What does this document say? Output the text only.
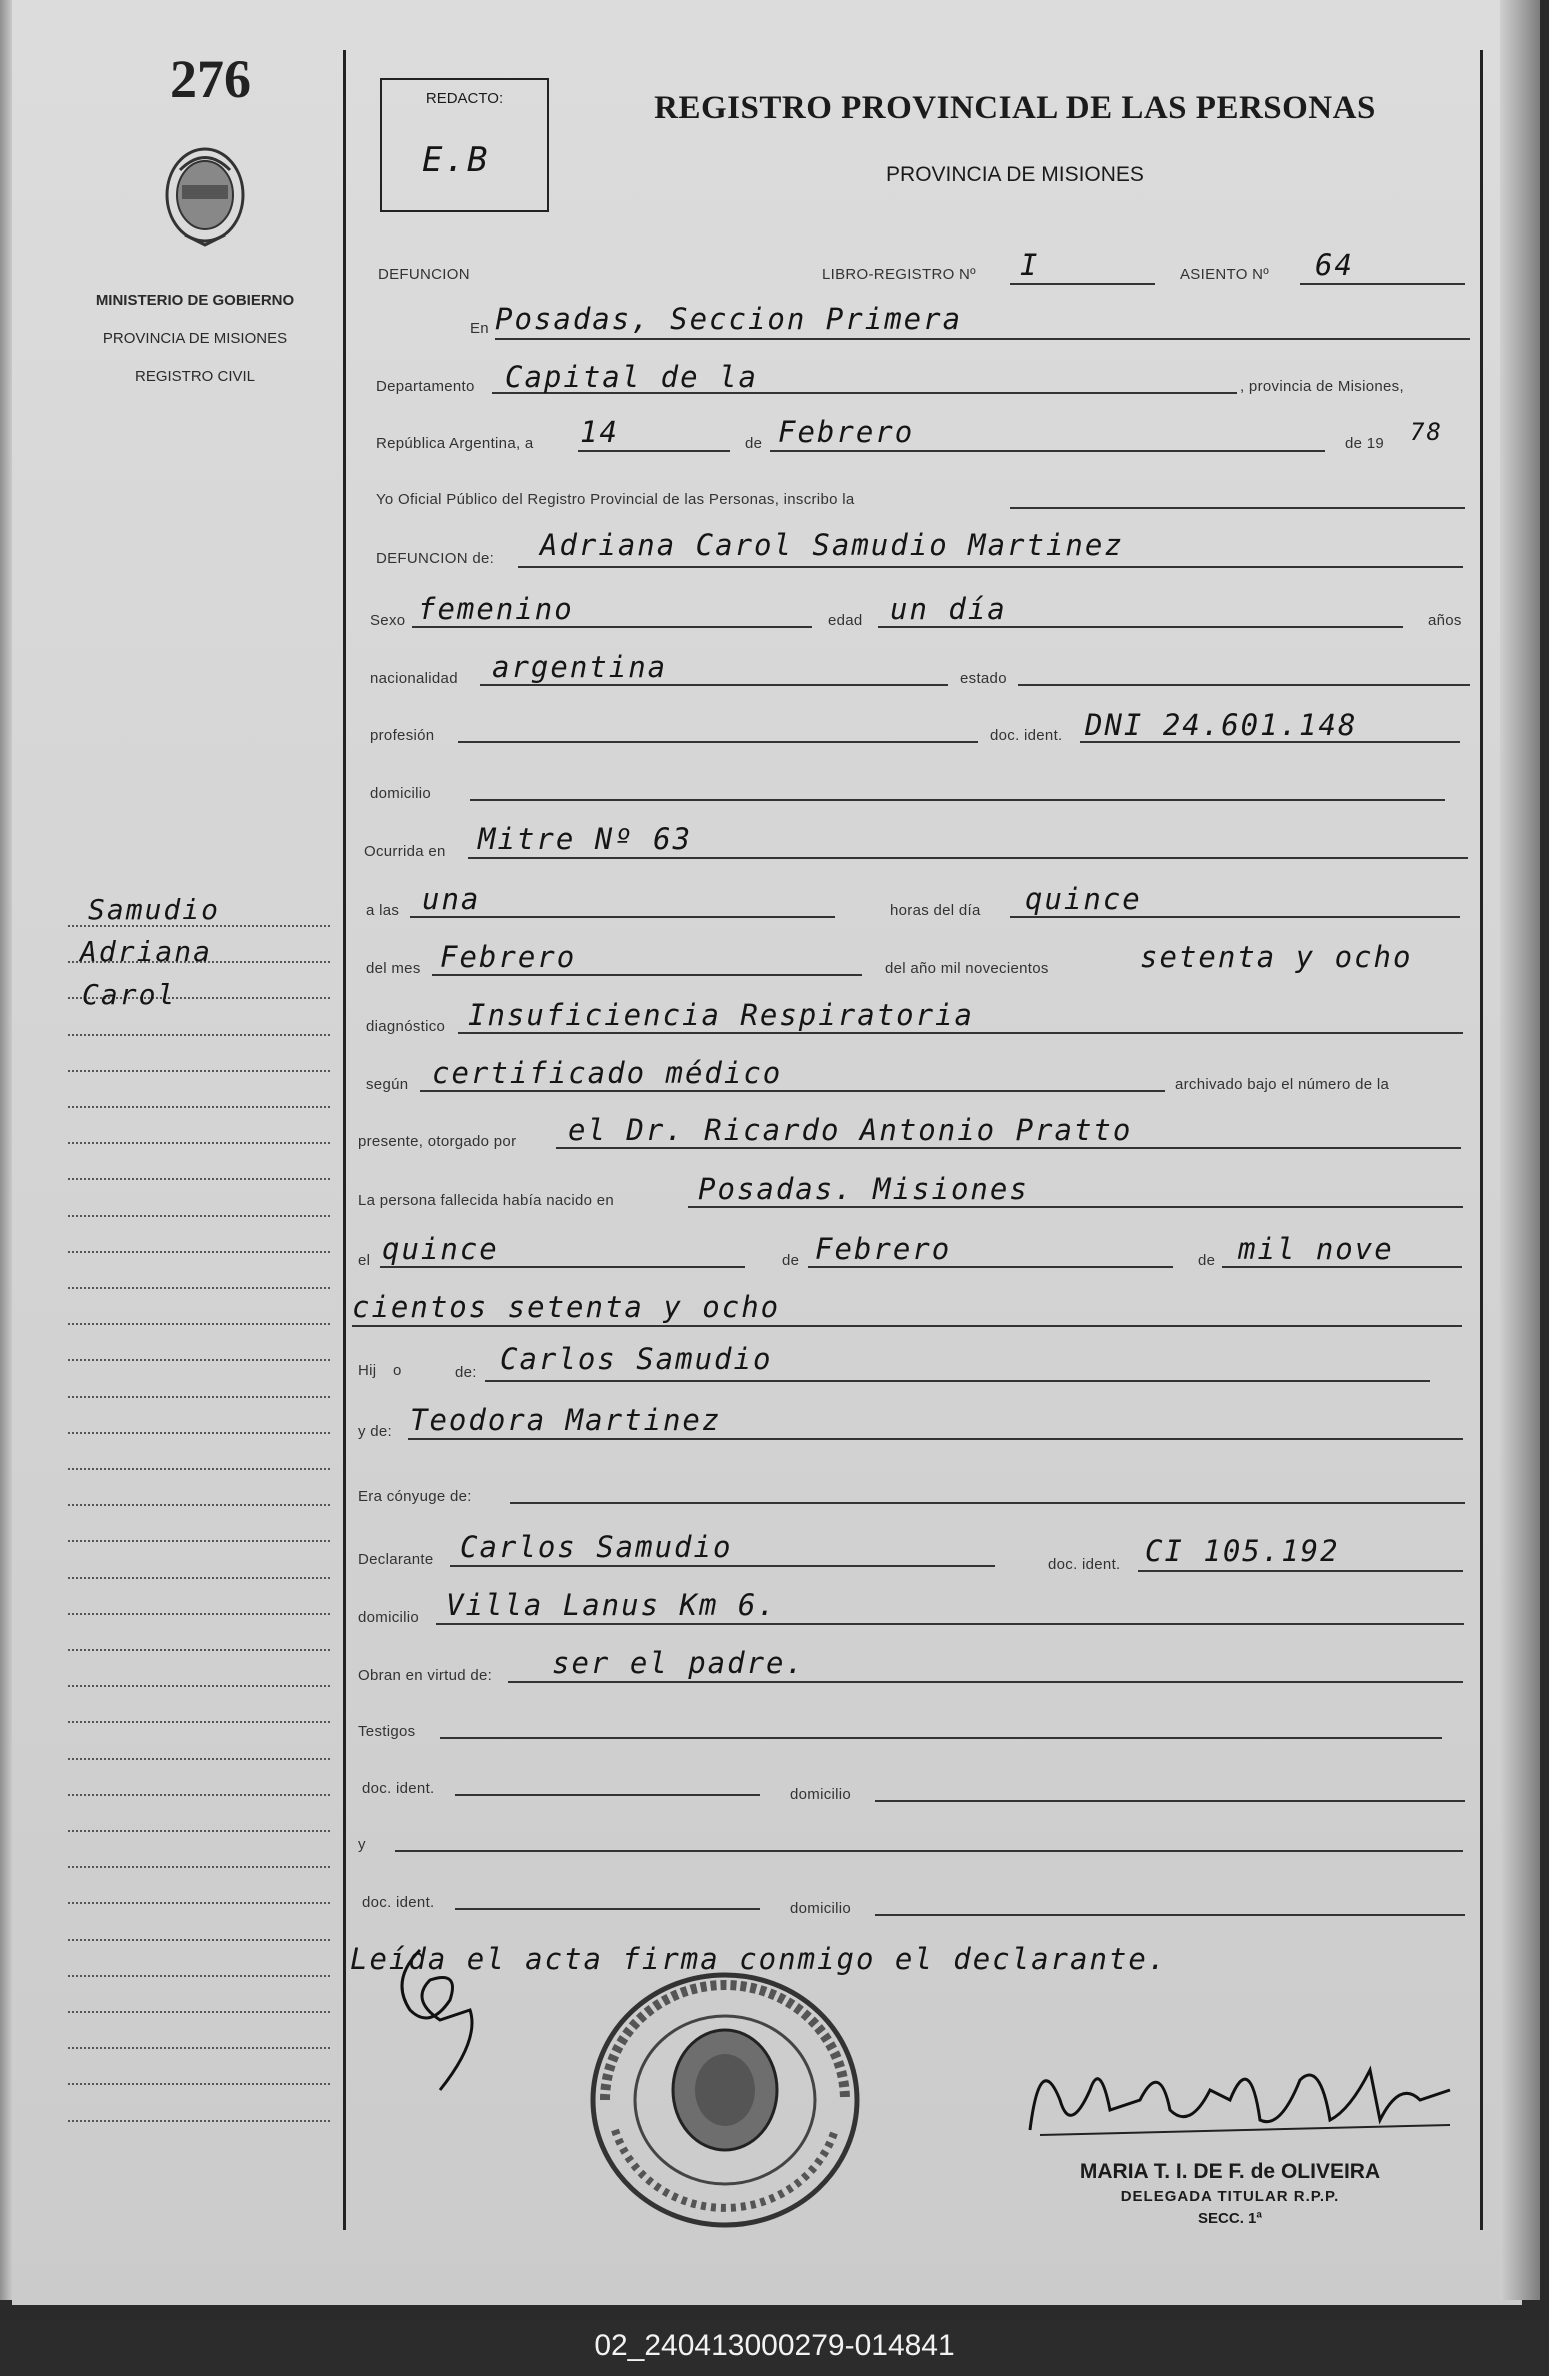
276
MINISTERIO DE GOBIERNO
PROVINCIA DE MISIONES
REGISTRO CIVIL
Samudio
Adriana
Carol
REDACTO:
E.B
REGISTRO PROVINCIAL DE LAS PERSONAS
PROVINCIA DE MISIONES
DEFUNCION	LIBRO-REGISTRO Nº I	ASIENTO Nº 64
En Posadas, Seccion Primera
Departamento Capital de la	, provincia de Misiones,
República Argentina, a 14	de Febrero	de 19 78
Yo Oficial Público del Registro Provincial de las Personas, inscribo la
DEFUNCION de: Adriana Carol Samudio Martinez
Sexo femenino	edad un día	años
nacionalidad argentina	estado
profesión	doc. ident. DNI 24.601.148
domicilio
Ocurrida en Mitre Nº 63
a las una	horas del día quince
del mes Febrero	del año mil novecientos	setenta y ocho
diagnóstico Insuficiencia Respiratoria
según certificado médico	archivado bajo el número de la
presente, otorgado por el Dr. Ricardo Antonio Pratto
La persona fallecida había nacido en	Posadas. Misiones
el quince	de Febrero	de mil nove
cientos setenta y ocho
Hij o	de: Carlos Samudio
y de: Teodora Martinez
Era cónyuge de:
Declarante Carlos Samudio
doc. ident. CI 105.192
domicilio Villa Lanus Km 6.
Obran en virtud de: ser el padre.
Testigos
doc. ident.	domicilio
y
doc. ident.	domicilio
Leída el acta firma conmigo el declarante.
MARIA T. I. DE F. de OLIVEIRA
DELEGADA TITULAR R.P.P.
SECC. 1ª
02_240413000279-014841
